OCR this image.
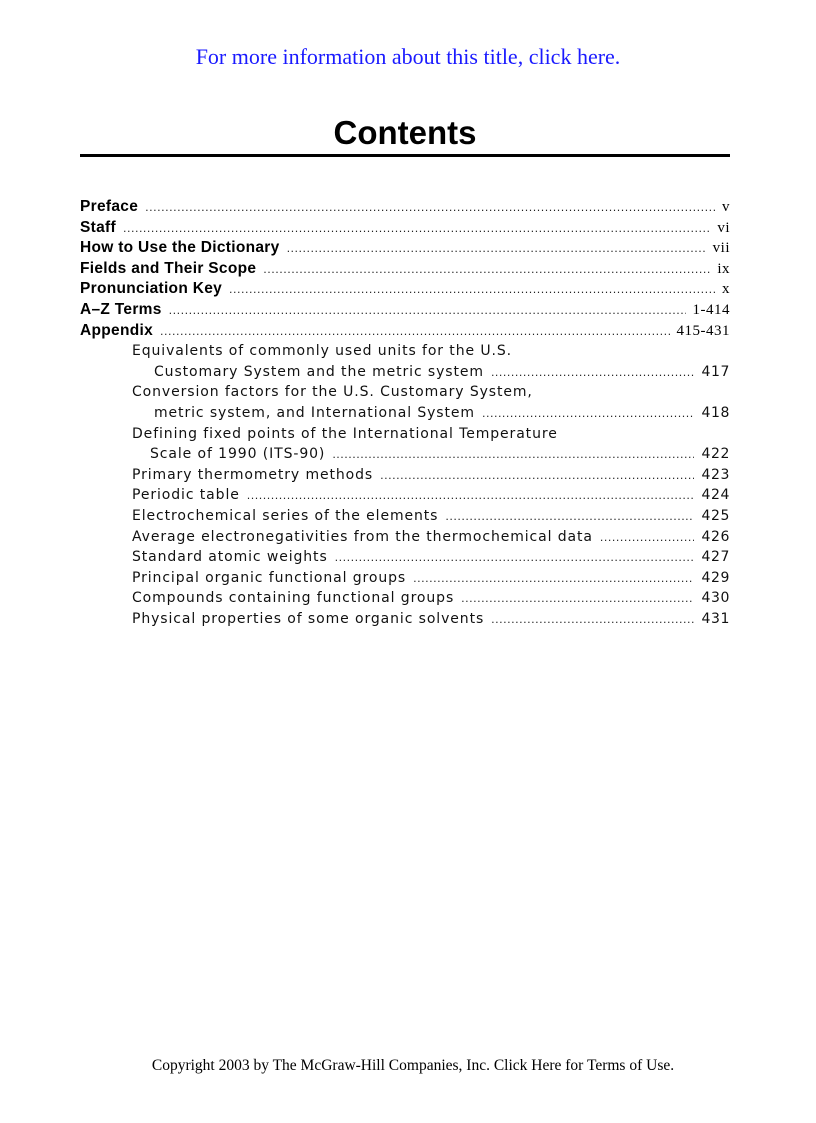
For more information about this title, click here.
Contents
Preface .....	v
Staff .....	vi
How to Use the Dictionary .....	vii
Fields and Their Scope .....	ix
Pronunciation Key .....	x
A–Z Terms .....	1-414
Appendix .....	415-431
Equivalents of commonly used units for the U.S.
Customary System and the metric system .....	417
Conversion factors for the U.S. Customary System,
metric system, and International System .....	418
Defining fixed points of the International Temperature
Scale of 1990 (ITS-90) .....	422
Primary thermometry methods .....	423
Periodic table .....	424
Electrochemical series of the elements .....	425
Average electronegativities from the thermochemical data .....	426
Standard atomic weights .....	427
Principal organic functional groups .....	429
Compounds containing functional groups .....	430
Physical properties of some organic solvents .....	431
Copyright 2003 by The McGraw-Hill Companies, Inc. Click Here for Terms of Use.
